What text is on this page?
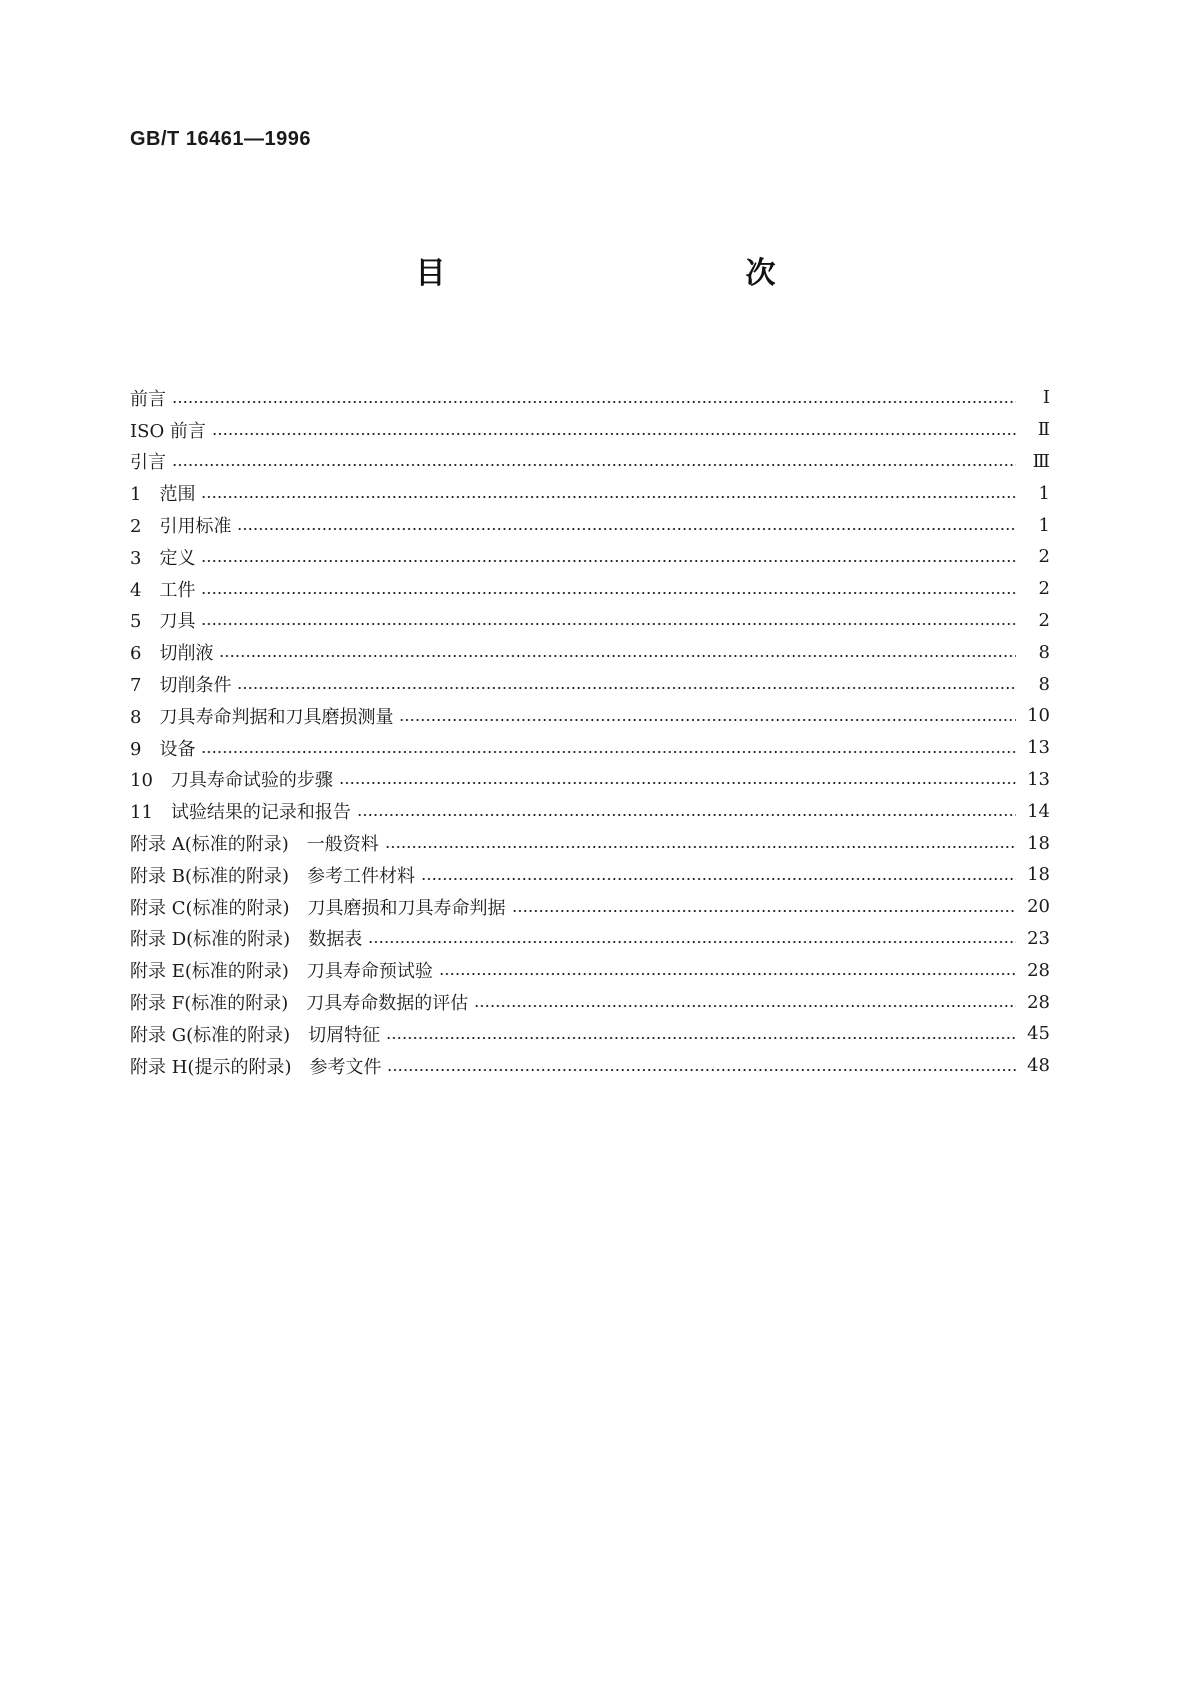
GB/T 16461—1996
目　　次
前言	I
ISO 前言	Ⅱ
引言	Ⅲ
1　范围	1
2　引用标准	1
3　定义	2
4　工件	2
5　刀具	2
6　切削液	8
7　切削条件	8
8　刀具寿命判据和刀具磨损测量	10
9　设备	13
10　刀具寿命试验的步骤	13
11　试验结果的记录和报告	14
附录 A(标准的附录)　一般资料	18
附录 B(标准的附录)　参考工件材料	18
附录 C(标准的附录)　刀具磨损和刀具寿命判据	20
附录 D(标准的附录)　数据表	23
附录 E(标准的附录)　刀具寿命预试验	28
附录 F(标准的附录)　刀具寿命数据的评估	28
附录 G(标准的附录)　切屑特征	45
附录 H(提示的附录)　参考文件	48
